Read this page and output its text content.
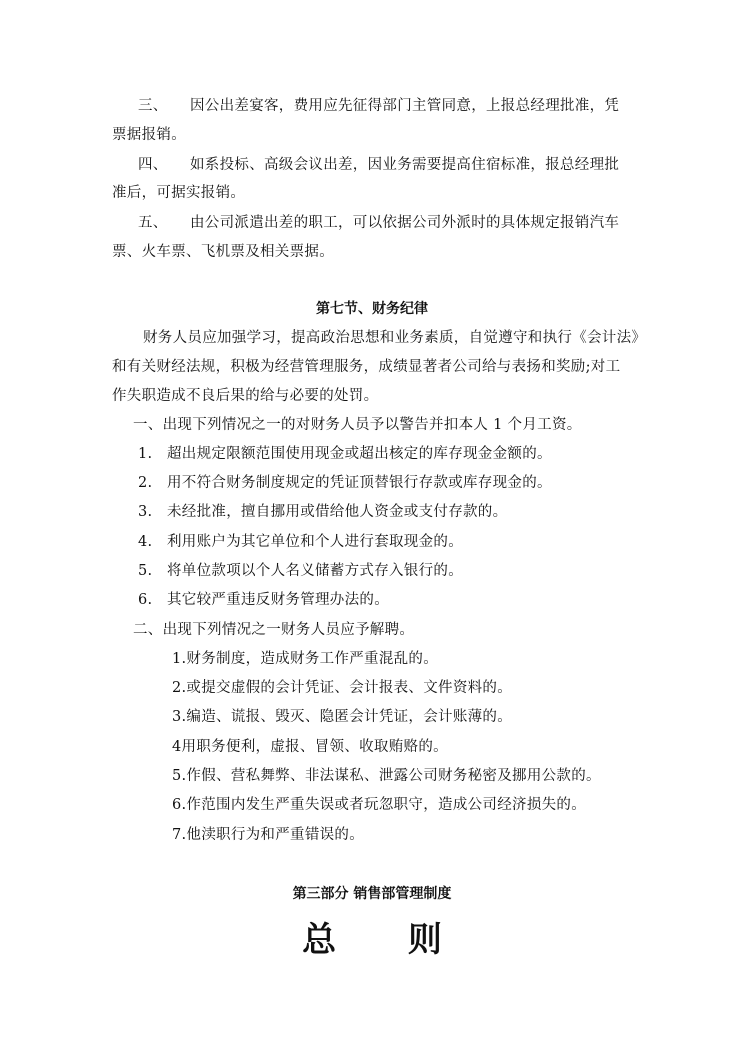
三、 因公出差宴客，费用应先征得部门主管同意，上报总经理批准，凭
票据报销。
四、 如系投标、高级会议出差，因业务需要提高住宿标准，报总经理批
准后，可据实报销。
五、 由公司派遣出差的职工，可以依据公司外派时的具体规定报销汽车
票、火车票、飞机票及相关票据。
第七节、财务纪律
财务人员应加强学习，提高政治思想和业务素质，自觉遵守和执行《会计法》
和有关财经法规，积极为经营管理服务，成绩显著者公司给与表扬和奖励;对工
作失职造成不良后果的给与必要的处罚。
一、出现下列情况之一的对财务人员予以警告并扣本人 1 个月工资。
1. 超出规定限额范围使用现金或超出核定的库存现金金额的。
2. 用不符合财务制度规定的凭证顶替银行存款或库存现金的。
3. 未经批准，擅自挪用或借给他人资金或支付存款的。
4. 利用账户为其它单位和个人进行套取现金的。
5. 将单位款项以个人名义储蓄方式存入银行的。
6. 其它较严重违反财务管理办法的。
二、出现下列情况之一财务人员应予解聘。
1.财务制度，造成财务工作严重混乱的。
2.或提交虚假的会计凭证、会计报表、文件资料的。
3.编造、谎报、毁灭、隐匿会计凭证，会计账薄的。
4用职务便利，虚报、冒领、收取贿赂的。
5.作假、营私舞弊、非法谋私、泄露公司财务秘密及挪用公款的。
6.作范围内发生严重失误或者玩忽职守，造成公司经济损失的。
7.他渎职行为和严重错误的。
第三部分 销售部管理制度
总 则
